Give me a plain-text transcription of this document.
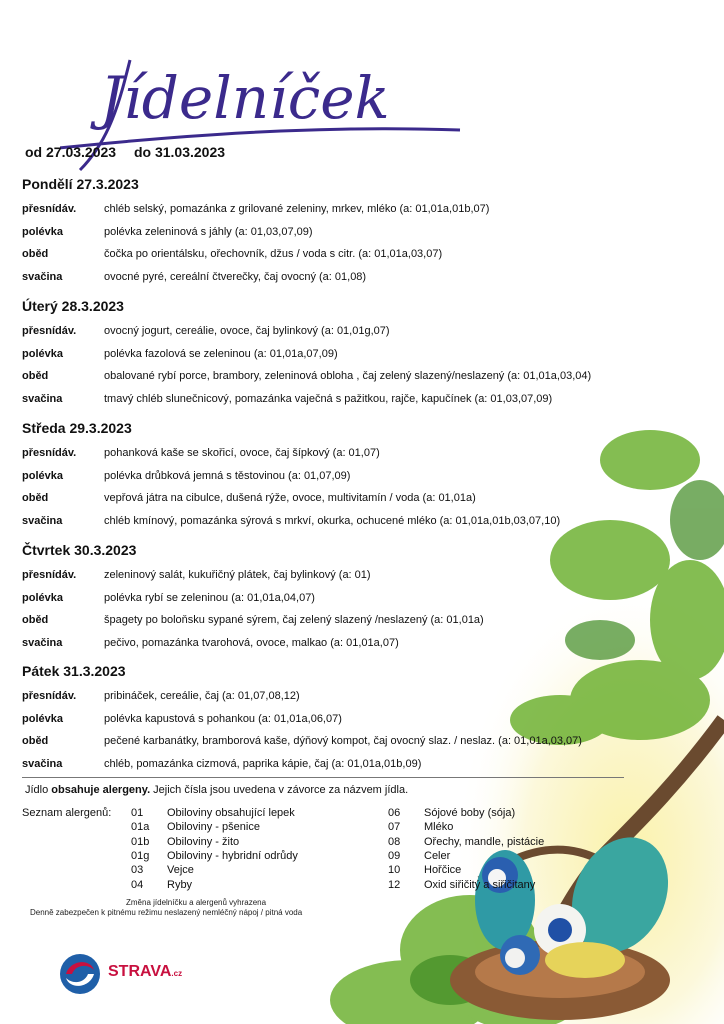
Jídelníček
od 27.03.2023 do 31.03.2023
Pondělí 27.3.2023
přesnídáv.	chléb selský, pomazánka z grilované zeleniny, mrkev, mléko (a: 01,01a,01b,07)
polévka	polévka zeleninová s jáhly (a: 01,03,07,09)
oběd	čočka po orientálsku, ořechovník, džus / voda s citr. (a: 01,01a,03,07)
svačina	ovocné pyré, cereální čtverečky, čaj ovocný (a: 01,08)
Úterý 28.3.2023
přesnídáv.	ovocný jogurt, cereálie, ovoce, čaj bylinkový (a: 01,01g,07)
polévka	polévka fazolová se zeleninou (a: 01,01a,07,09)
oběd	obalované rybí porce, brambory, zeleninová obloha , čaj zelený slazený/neslazený (a: 01,01a,03,04)
svačina	tmavý chléb slunečnicový, pomazánka vaječná s pažitkou, rajče, kapučínek (a: 01,03,07,09)
Středa 29.3.2023
přesnídáv.	pohanková kaše se skořicí, ovoce, čaj šípkový (a: 01,07)
polévka	polévka drůbková jemná s těstovinou (a: 01,07,09)
oběd	vepřová játra na cibulce, dušená rýže, ovoce, multivitamín / voda (a: 01,01a)
svačina	chléb kmínový, pomazánka sýrová s mrkví, okurka, ochucené mléko (a: 01,01a,01b,03,07,10)
Čtvrtek 30.3.2023
přesnídáv.	zeleninový salát, kukuřičný plátek, čaj bylinkový (a: 01)
polévka	polévka rybí se zeleninou (a: 01,01a,04,07)
oběd	špagety po boloňsku sypané sýrem, čaj zelený slazený /neslazený (a: 01,01a)
svačina	pečivo, pomazánka tvarohová, ovoce, malkao (a: 01,01a,07)
Pátek 31.3.2023
přesnídáv.	pribináček, cereálie, čaj (a: 01,07,08,12)
polévka	polévka kapustová s pohankou (a: 01,01a,06,07)
oběd	pečené karbanátky, bramborová kaše, dýňový kompot, čaj ovocný slaz. / neslaz. (a: 01,01a,03,07)
svačina	chléb, pomazánka cizmová, paprika kápie, čaj (a: 01,01a,01b,09)
Jídlo obsahuje alergeny. Jejich čísla jsou uvedena v závorce za názvem jídla.
Seznam alergenů: 01 Obiloviny obsahující lepek

01a Obiloviny - pšenice

01b Obiloviny - žito

01g Obiloviny - hybridní odrůdy

03 Vejce

04 Ryby

06 Sójové boby (sója)

07 Mléko

08 Ořechy, mandle, pistácie

09 Celer

10 Hořčice

12 Oxid siřičitý a siřičitany

Změna jídelníčku a alergenů vyhrazena
Denně zabezpečen k pitnému režimu neslazený nemléčný nápoj / pitná voda
STRAVA.cz
